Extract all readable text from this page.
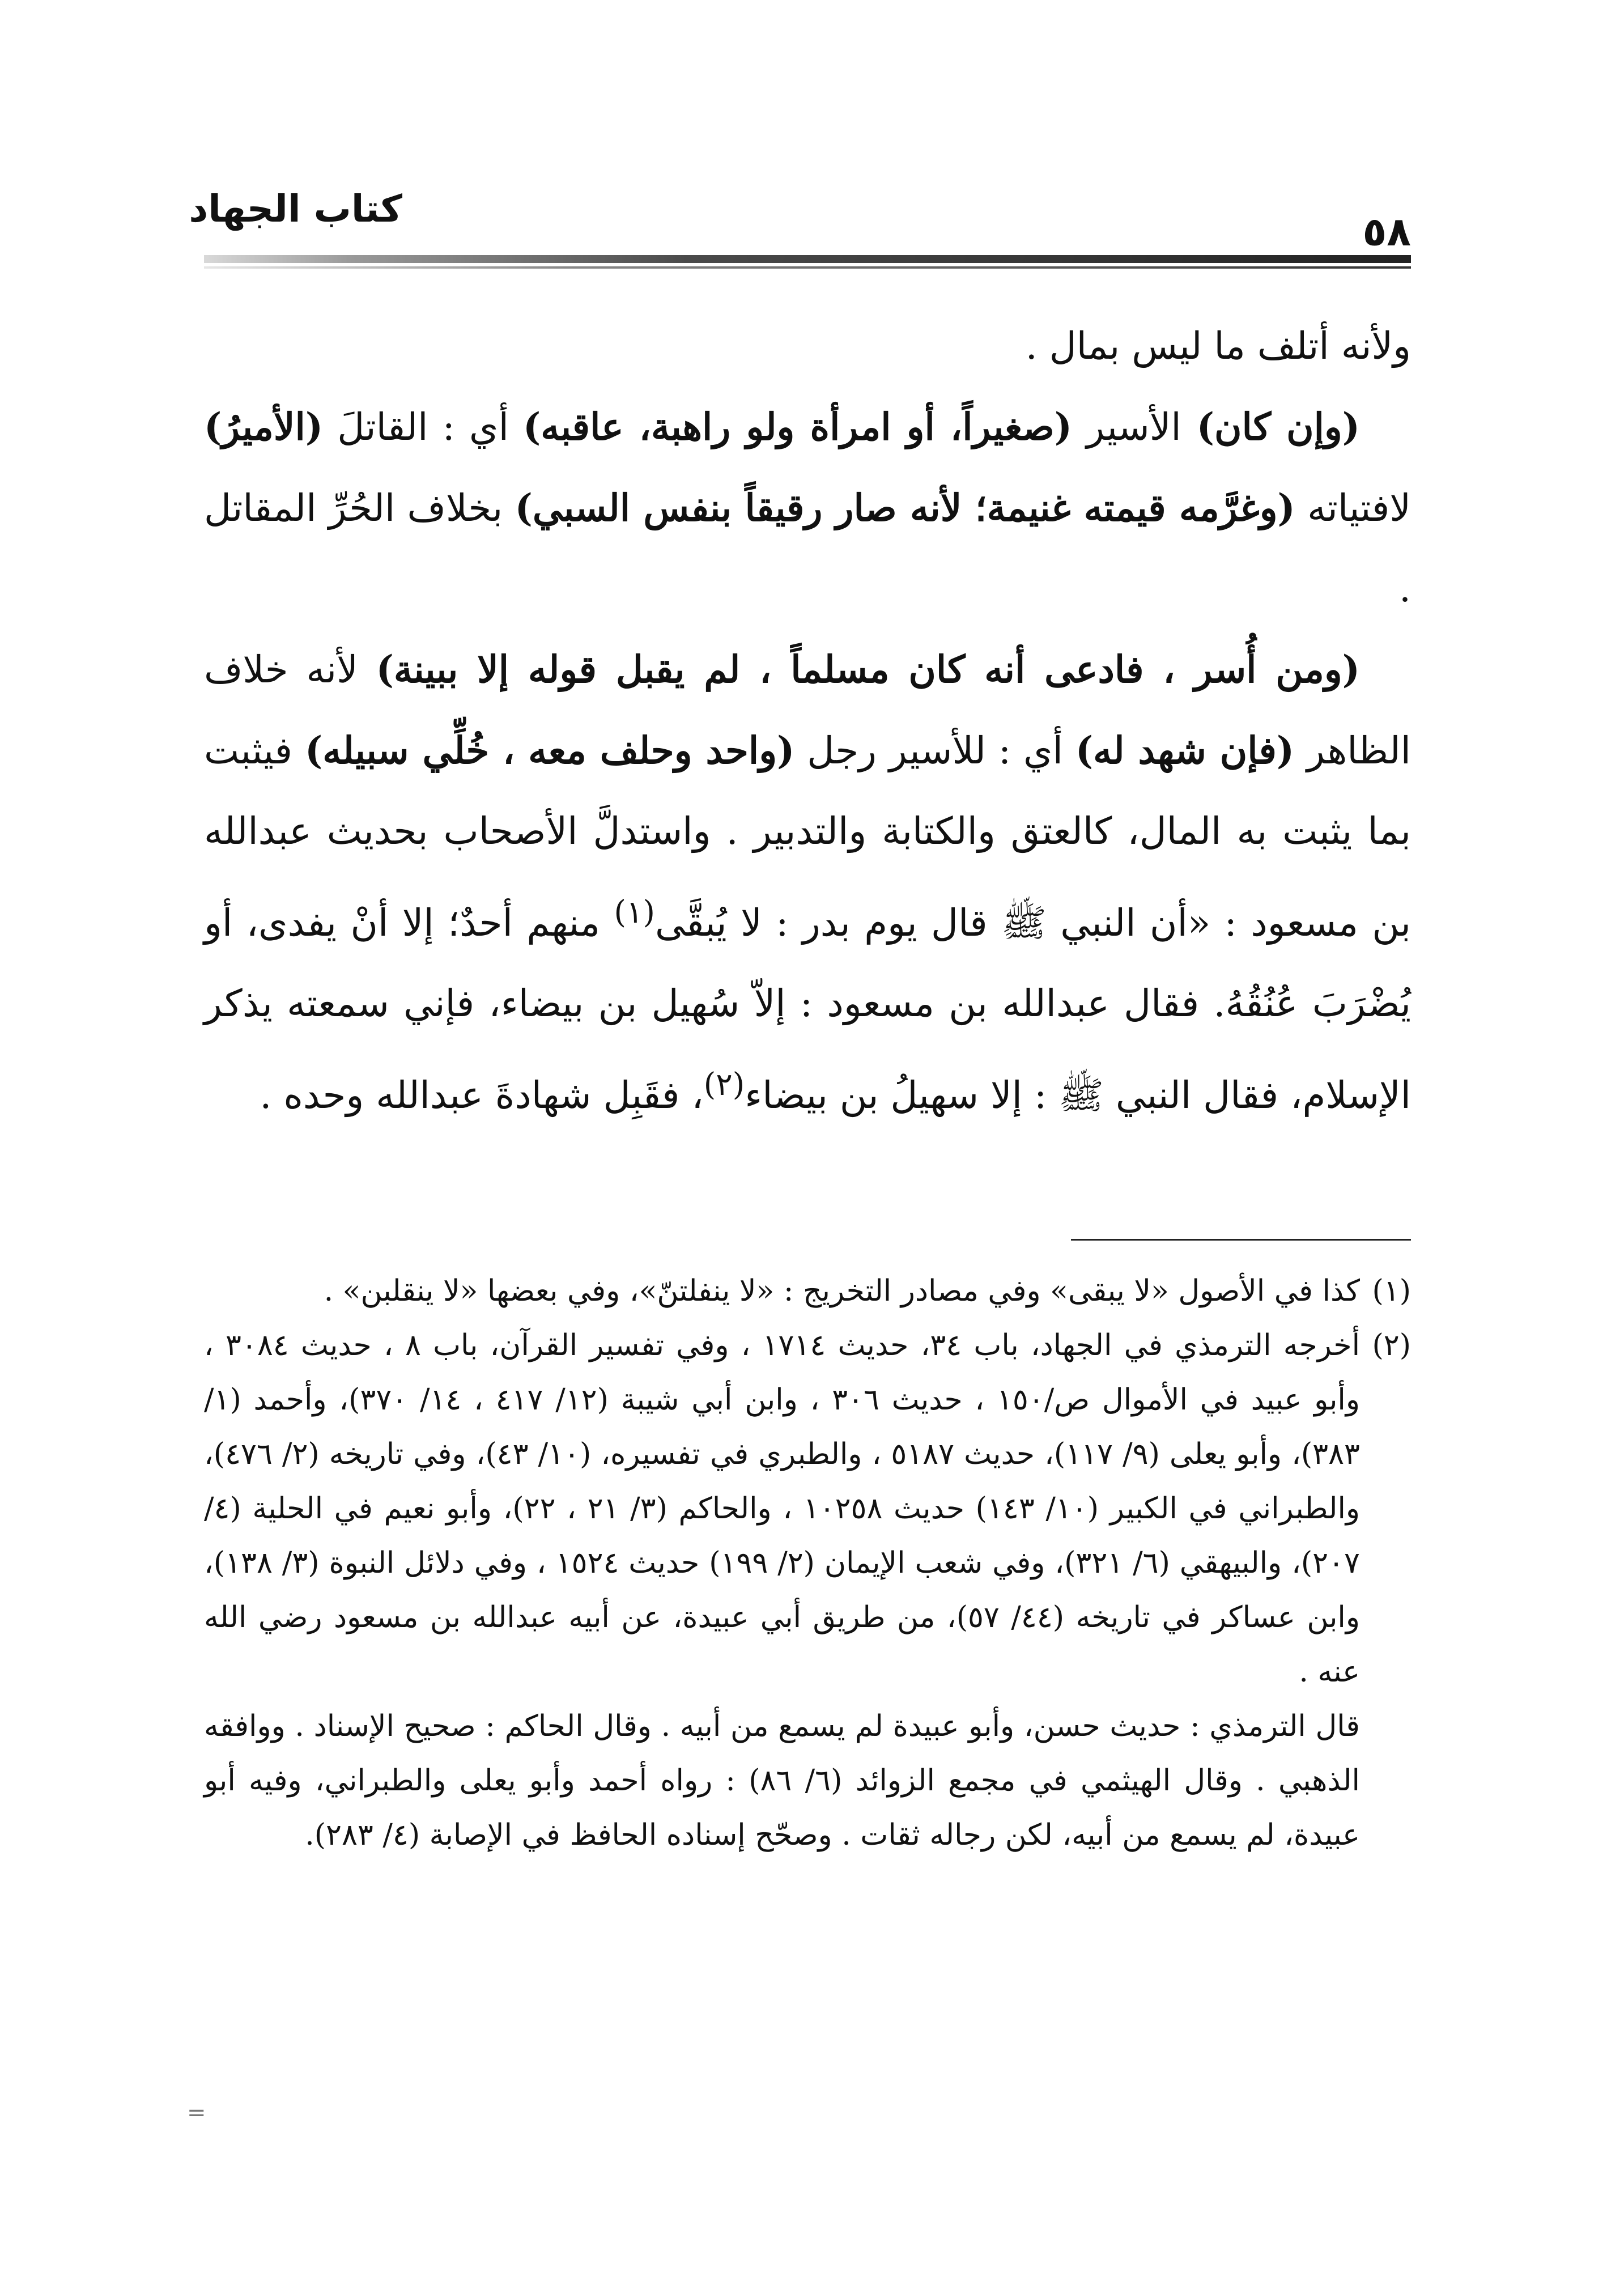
كتاب الجهاد	٥٨

ولأنه أتلف ما ليس بمال .

(وإن كان) الأسير (صغيراً، أو امرأة ولو راهبة، عاقبه) أي : القاتلَ (الأميرُ) لافتياته (وغرَّمه قيمته غنيمة؛ لأنه صار رقيقاً بنفس السبي) بخلاف الحُرِّ المقاتل .

(ومن أُسر ، فادعى أنه كان مسلماً ، لم يقبل قوله إلا ببينة) لأنه خلاف الظاهر (فإن شهد له) أي : للأسير رجل (واحد وحلف معه ، خُلِّي سبيله) فيثبت بما يثبت به المال، كالعتق والكتابة والتدبير . واستدلَّ الأصحاب بحديث عبدالله بن مسعود : «أن النبي ﷺ قال يوم بدر : لا يُبقَّى$^{(١)}$ منهم أحدٌ؛ إلا أنْ يفدى، أو يُضْرَبَ عُنُقُهُ. فقال عبدالله بن مسعود : إلاّ سُهيل بن بيضاء، فإني سمعته يذكر الإسلام، فقال النبي ﷺ : إلا سهيلُ بن بيضاء$^{(٢)}$، فقَبِل شهادةَ عبدالله وحده .

(١)
كذا في الأصول «لا يبقى» وفي مصادر التخريج : «لا ينفلتنّ»، وفي بعضها «لا ينقلبن» .

(٢)
أخرجه الترمذي في الجهاد، باب ٣٤، حديث ١٧١٤ ، وفي تفسير القرآن، باب ٨ ، حديث ٣٠٨٤ ، وأبو عبيد في الأموال ص/١٥٠ ، حديث ٣٠٦ ، وابن أبي شيبة (١٢/ ٤١٧ ، ١٤/ ٣٧٠)، وأحمد (١/ ٣٨٣)، وأبو يعلى (٩/ ١١٧)، حديث ٥١٨٧ ، والطبري في تفسيره، (١٠/ ٤٣)، وفي تاريخه (٢/ ٤٧٦)، والطبراني في الكبير (١٠/ ١٤٣) حديث ١٠٢٥٨ ، والحاكم (٣/ ٢١ ، ٢٢)، وأبو نعيم في الحلية (٤/ ٢٠٧)، والبيهقي (٦/ ٣٢١)، وفي شعب الإيمان (٢/ ١٩٩) حديث ١٥٢٤ ، وفي دلائل النبوة (٣/ ١٣٨)، وابن عساكر في تاريخه (٤٤/ ٥٧)، من طريق أبي عبيدة، عن أبيه عبدالله بن مسعود رضي الله عنه .

قال الترمذي : حديث حسن، وأبو عبيدة لم يسمع من أبيه . وقال الحاكم : صحيح الإسناد . ووافقه الذهبي . وقال الهيثمي في مجمع الزوائد (٦/ ٨٦) : رواه أحمد وأبو يعلى والطبراني، وفيه أبو عبيدة، لم يسمع من أبيه، لكن رجاله ثقات . وصحّح إسناده الحافظ في الإصابة (٤/ ٢٨٣).

=
